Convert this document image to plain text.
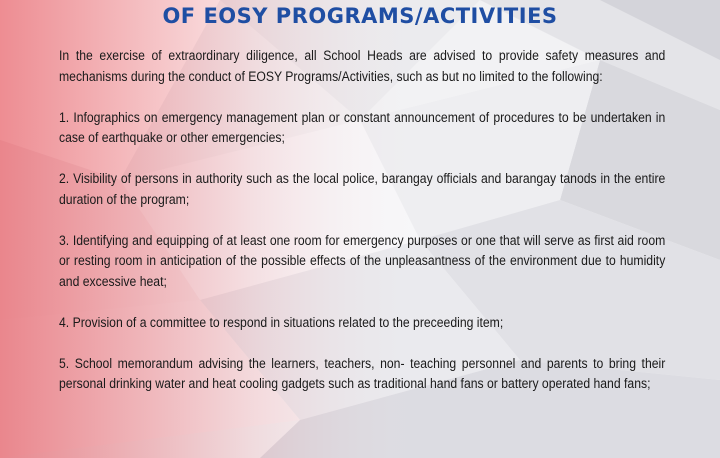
OF EOSY PROGRAMS/ACTIVITIES

In the exercise of extraordinary diligence, all School Heads are advised to provide safety measures and mechanisms during the conduct of EOSY Programs/Activities, such as but no limited to the following:

1. Infographics on emergency management plan or constant announcement of procedures to be undertaken in case of earthquake or other emergencies;

2. Visibility of persons in authority such as the local police, barangay officials and barangay tanods in the entire duration of the program;

3. Identifying and equipping of at least one room for emergency purposes or one that will serve as first aid room or resting room in anticipation of the possible effects of the unpleasantness of the environment due to humidity and excessive heat;

4. Provision of a committee to respond in situations related to the preceeding item;

5. School memorandum advising the learners, teachers, non- teaching personnel and parents to bring their personal drinking water and heat cooling gadgets such as traditional hand fans or battery operated hand fans;
